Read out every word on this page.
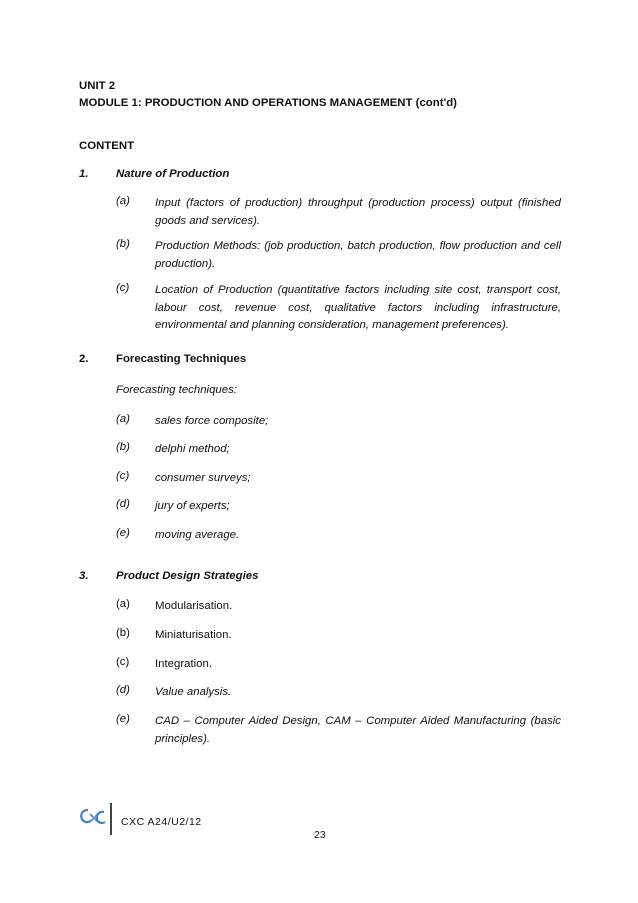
UNIT 2
MODULE 1: PRODUCTION AND OPERATIONS MANAGEMENT (cont'd)
CONTENT
1. Nature of Production
(a) Input (factors of production) throughput (production process) output (finished goods and services).
(b) Production Methods: (job production, batch production, flow production and cell production).
(c) Location of Production (quantitative factors including site cost, transport cost, labour cost, revenue cost, qualitative factors including infrastructure, environmental and planning consideration, management preferences).
2. Forecasting Techniques
Forecasting techniques:
(a) sales force composite;
(b) delphi method;
(c) consumer surveys;
(d) jury of experts;
(e) moving average.
3. Product Design Strategies
(a) Modularisation.
(b) Miniaturisation.
(c) Integration.
(d) Value analysis.
(e) CAD – Computer Aided Design, CAM – Computer Aided Manufacturing (basic principles).
CXC A24/U2/12
23
